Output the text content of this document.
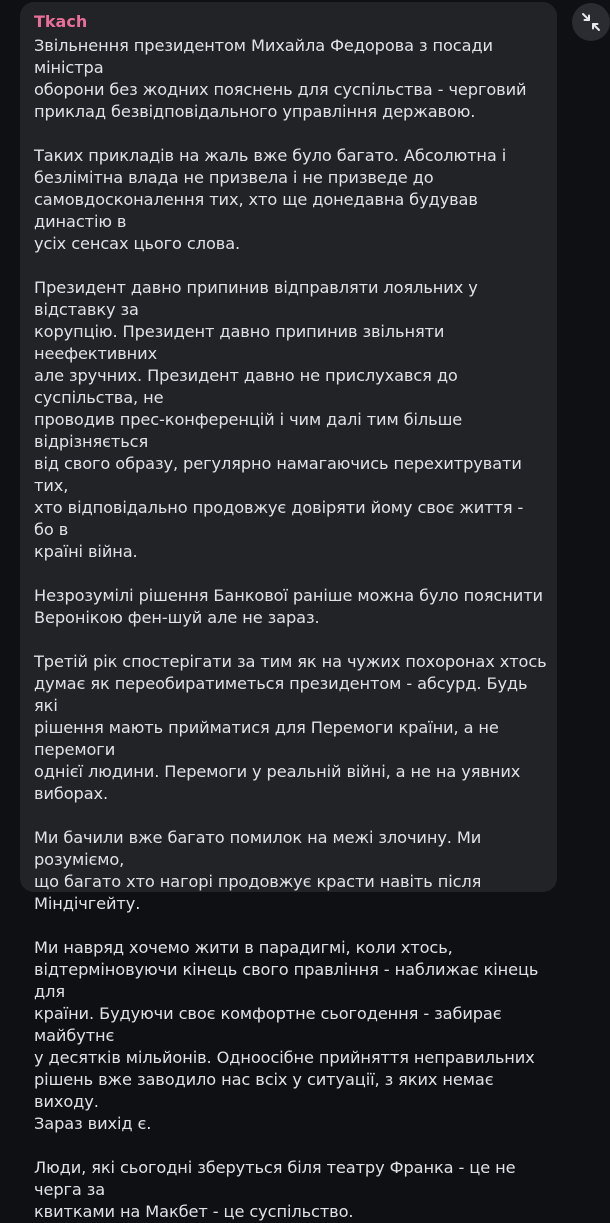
Tkach

Звільнення президентом Михайла Федорова з посади міністра
оборони без жодних пояснень для суспільства - черговий
приклад безвідповідального управління державою.

Таких прикладів на жаль вже було багато. Абсолютна і
безлімітна влада не призвела і не призведе до
самовдосконалення тих, хто ще донедавна будував династію в
усіх сенсах цього слова.

Президент давно припинив відправляти лояльних у відставку за
корупцію. Президент давно припинив звільняти неефективних
але зручних. Президент давно не прислухався до суспільства, не
проводив прес-конференцій і чим далі тим більше відрізняється
від свого образу, регулярно намагаючись перехитрувати тих,
хто відповідально продовжує довіряти йому своє життя - бо в
країні війна.

Незрозумілі рішення Банкової раніше можна було пояснити
Веронікою фен-шуй але не зараз.

Третій рік спостерігати за тим як на чужих похоронах хтось
думає як переобиратиметься президентом - абсурд. Будь які
рішення мають прийматися для Перемоги країни, а не перемоги
однієї людини. Перемоги у реальній війні, а не на уявних
виборах.

Ми бачили вже багато помилок на межі злочину. Ми розуміємо,
що багато хто нагорі продовжує красти навіть після Міндічгейту.

Ми навряд хочемо жити в парадигмі, коли хтось,
відтерміновуючи кінець свого правління - наближає кінець для
країни. Будуючи своє комфортне сьогодення - забирає майбутнє
у десятків мільйонів. Одноосібне прийняття неправильних
рішень вже заводило нас всіх у ситуації, з яких немає виходу.
Зараз вихід є.

Люди, які сьогодні зберуться біля театру Франка - це не черга за
квитками на Макбет - це суспільство.
